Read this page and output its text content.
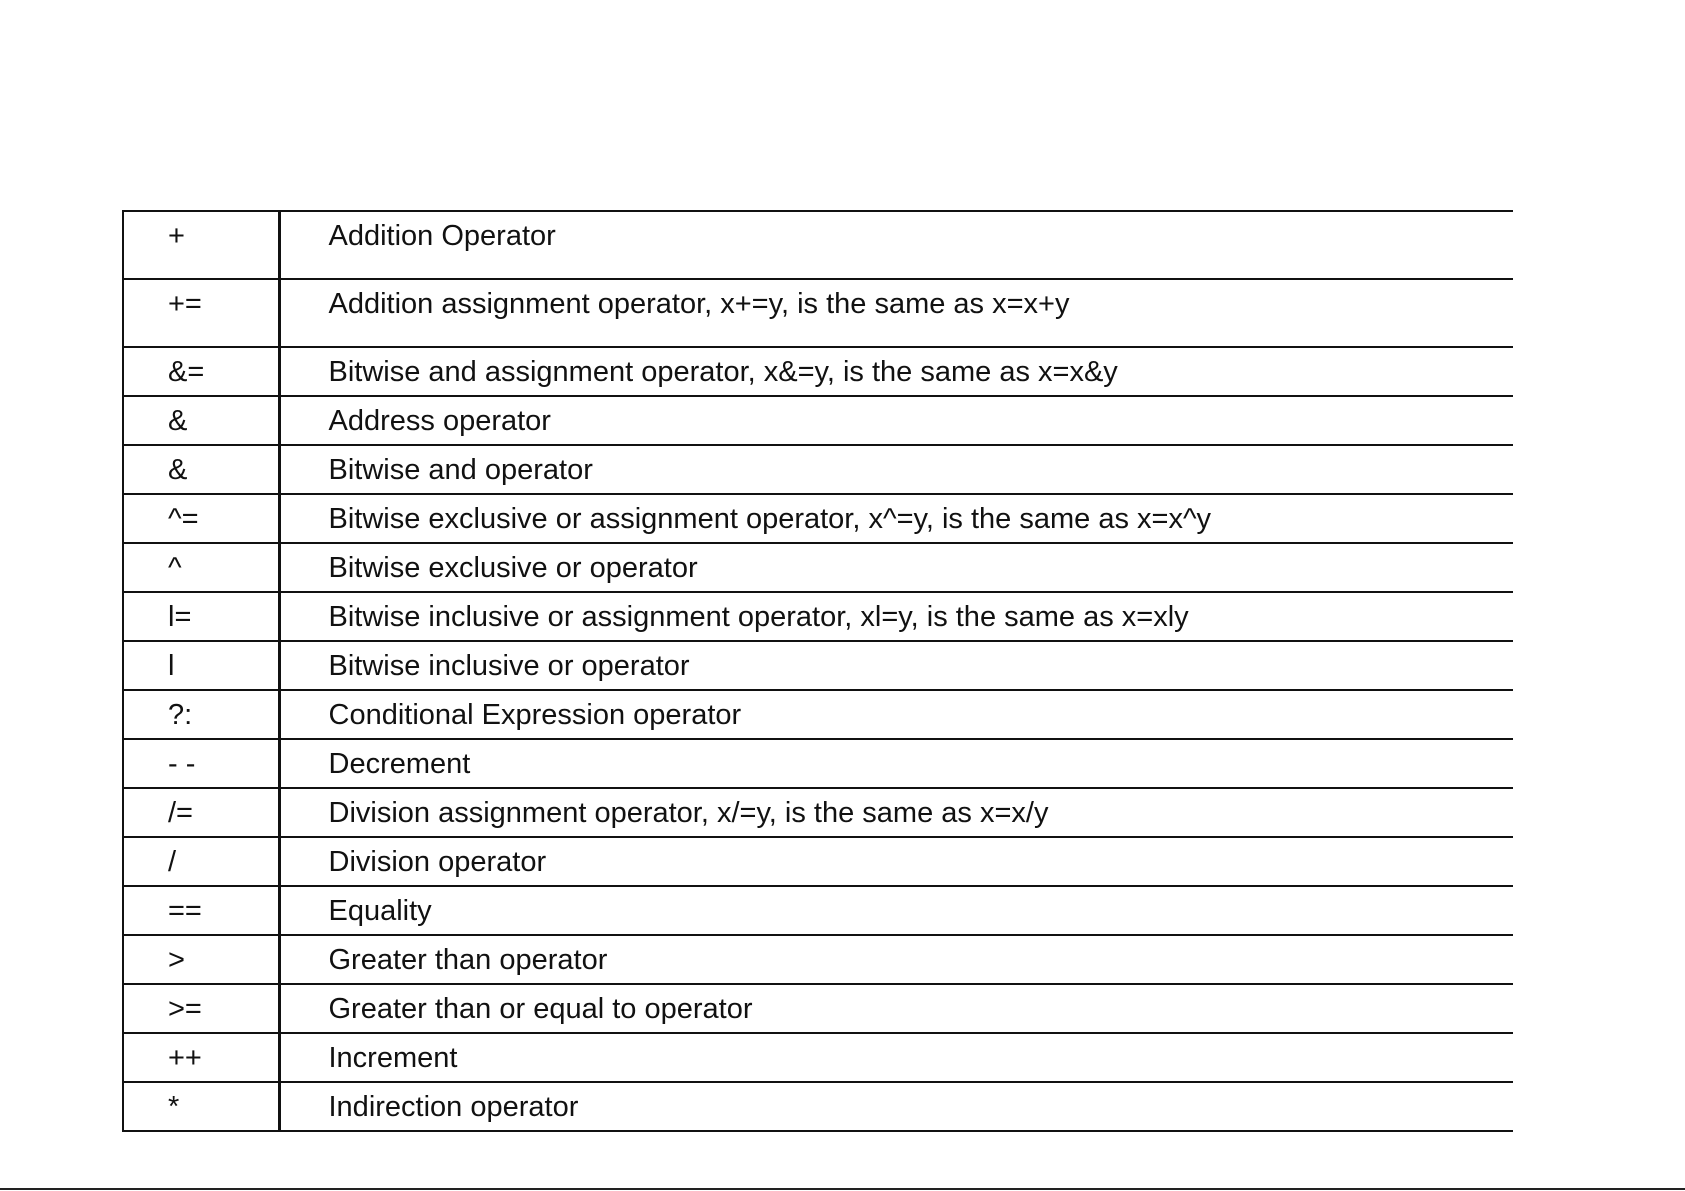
+	Addition Operator
+=	Addition assignment operator, x+=y, is the same as x=x+y
&=	Bitwise and assignment operator, x&=y, is the same as x=x&y
&	Address operator
&	Bitwise and operator
^=	Bitwise exclusive or assignment operator, x^=y, is the same as x=x^y
^	Bitwise exclusive or operator
l=	Bitwise inclusive or assignment operator, xl=y, is the same as x=xly
l	Bitwise inclusive or operator
?:	Conditional Expression operator
- -	Decrement
/=	Division assignment operator, x/=y, is the same as x=x/y
/	Division operator
==	Equality
>	Greater than operator
>=	Greater than or equal to operator
++	Increment
*	Indirection operator
